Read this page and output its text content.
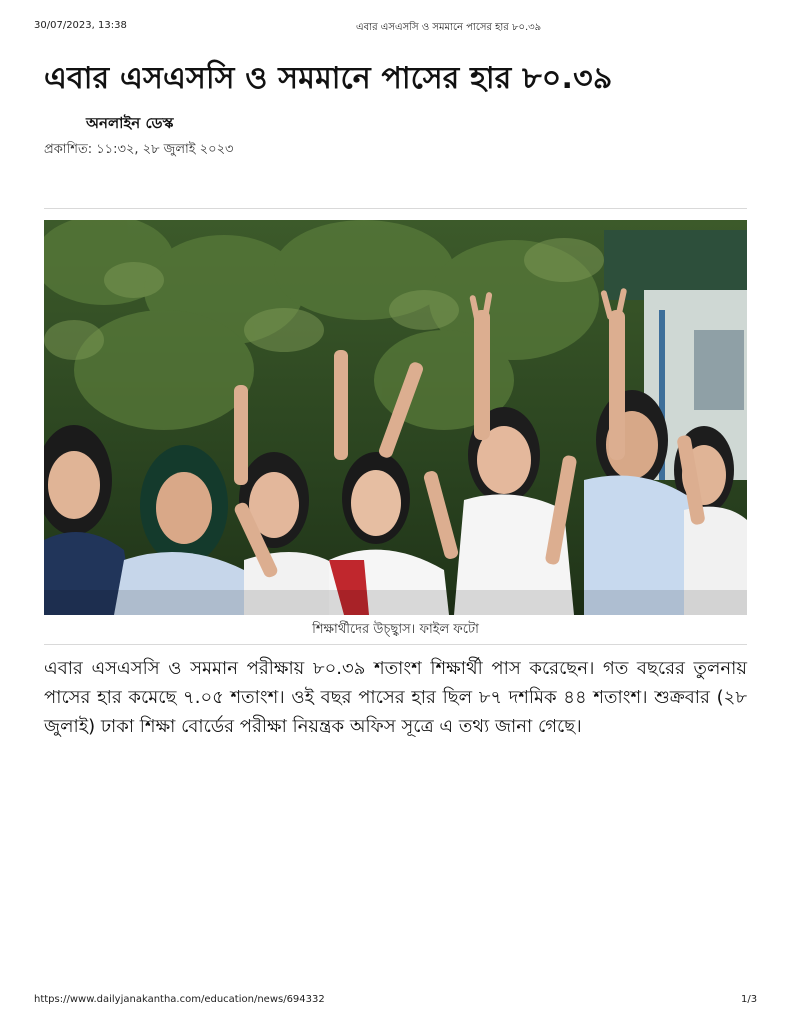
30/07/2023, 13:38	এবার এসএসসি ও সমমানে পাসের হার ৮০.৩৯
এবার এসএসসি ও সমমানে পাসের হার ৮০.৩৯
অনলাইন ডেস্ক
প্রকাশিত: ১১:৩২, ২৮ জুলাই ২০২৩
শিক্ষার্থীদের উচ্ছ্বাস। ফাইল ফটো

এবার এসএসসি ও সমমান পরীক্ষায় ৮০.৩৯ শতাংশ শিক্ষার্থী পাস করেছেন। গত বছরের তুলনায় পাসের হার কমেছে ৭.০৫ শতাংশ। ওই বছর পাসের হার ছিল ৮৭ দশমিক ৪৪ শতাংশ। শুক্রবার (২৮ জুলাই) ঢাকা শিক্ষা বোর্ডের পরীক্ষা নিয়ন্ত্রক অফিস সূত্রে এ তথ্য জানা গেছে।

https://www.dailyjanakantha.com/education/news/694332	1/3
